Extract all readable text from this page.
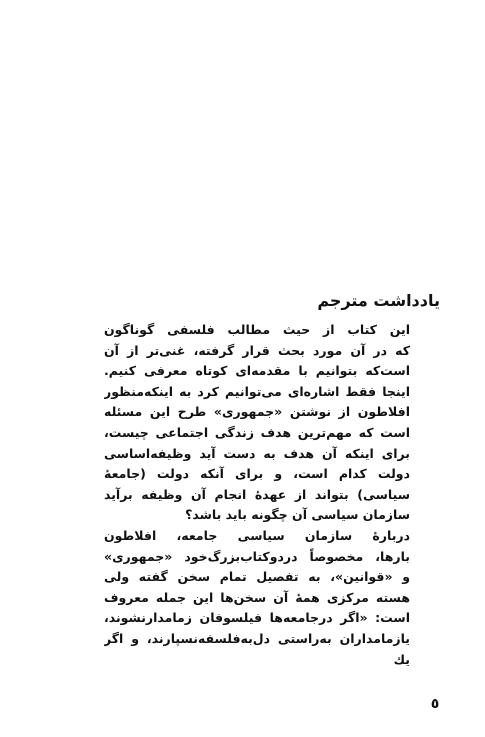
یادداشت مترجم

این کتاب از حیث مطالب فلسفی گوناگون
که در آن مورد بحث قرار گرفته، غنی‌تر از آن
است‌که بتوانیم با مقدمه‌ای کوتاه معرفی کنیم.
اینجا فقط اشاره‌ای می‌توانیم کرد به اینکه‌منظور
افلاطون از نوشتن «جمهوری» طرح این مسئله
است که مهم‌ترین هدف زندگی اجتماعی چیست،
برای اینکه آن هدف به دست آید وظیفه‌اساسی
دولت کدام است، و برای آنکه دولت (جامعهٔ
سیاسی) بتواند از عهدهٔ انجام آن وظیفه برآید
سازمان سیاسی آن چگونه باید باشد؟

دربارهٔ سازمان سیاسی جامعه، افلاطون
بارها، مخصوصاً دردوکتاب‌بزرگ‌خود «جمهوری»
و «قوانین»، به تفصیل تمام سخن گفته ولی
هسته مرکزی همهٔ آن سخن‌ها این جمله معروف
است: «اگر درجامعه‌ها فیلسوفان زمامدارنشوند،
یازمامداران به‌راستی دل‌به‌فلسفه‌نسپارند، و اگر
یك

٥
